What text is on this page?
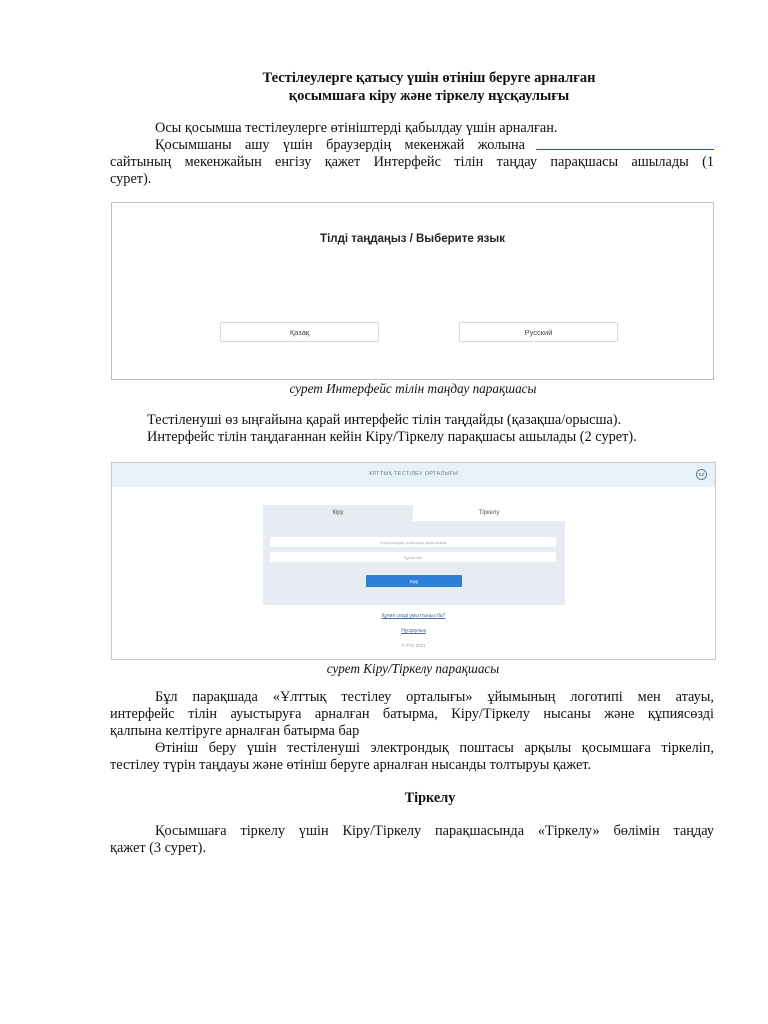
Тестілеулерге қатысу үшін өтініш беруге арналған
қосымшаға кіру және тіркелу нұсқаулығы
Осы қосымша тестілеулерге өтініштерді қабылдау үшін арналған.
Қосымшаны ашу үшін браузердің мекенжай жолына
сайтының мекенжайын енгізу қажет Интерфейс тілін таңдау парақшасы ашылады (1
сурет).
Тілді таңдаңыз / Выберите язык
Қазақ	Русский
сурет Интерфейс тілін таңдау парақшасы
Тестіленуші өз ыңғайына қарай интерфейс тілін таңдайды (қазақша/орысша).
Интерфейс тілін таңдағаннан кейін Кіру/Тіркелу парақшасы ашылады (2 сурет).
ҰЛТТЫҚ ТЕСТІЛЕУ ОРТАЛЫҒЫ	KZ
Кіру	Тіркелу
Электрондық поштаның мекенжайы
Құпия сөз
Кіру
Құпия сөзді ұмыттыңыз ба?
Нұсқаулық
© ҰТО 2021
сурет Кіру/Тіркелу парақшасы
Бұл парақшада «Ұлттық тестілеу орталығы» ұйымының логотипі мен атауы,
интерфейс тілін ауыстыруға арналған батырма, Кіру/Тіркелу нысаны және құпиясөзді
қалпына келтіруге арналған батырма бар
Өтініш беру үшін тестіленуші электрондық поштасы арқылы қосымшаға тіркеліп,
тестілеу түрін таңдауы және өтініш беруге арналған нысанды толтыруы қажет.
Тіркелу
Қосымшаға тіркелу үшін Кіру/Тіркелу парақшасында «Тіркелу» бөлімін таңдау
қажет (3 сурет).
